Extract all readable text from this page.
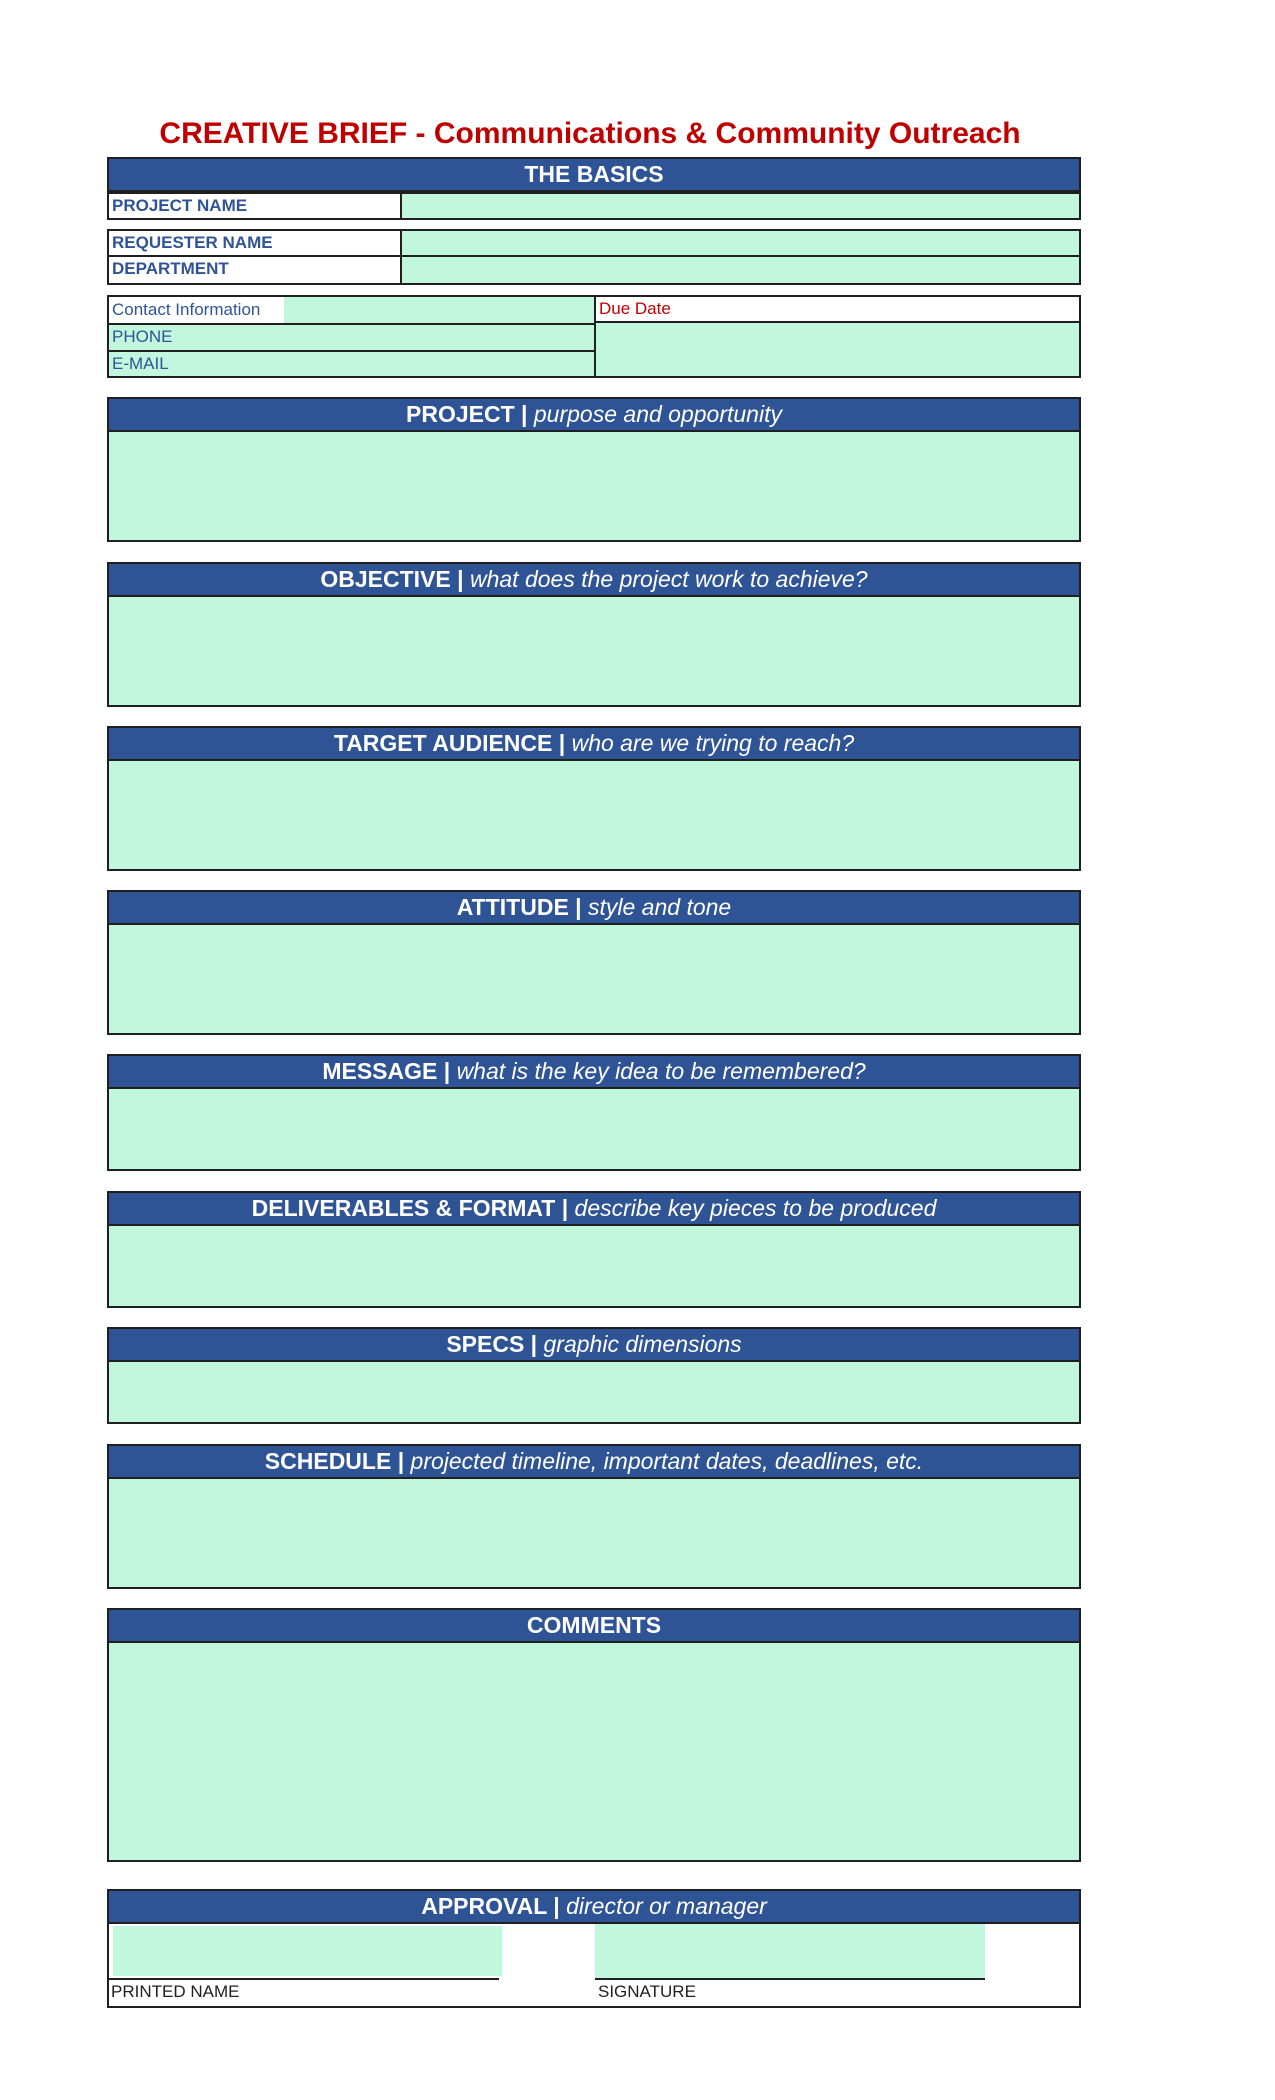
CREATIVE BRIEF - Communications & Community Outreach
THE BASICS
PROJECT NAME
REQUESTER NAME
DEPARTMENT
Contact Information
PHONE
E-MAIL
Due Date
PROJECT | purpose and opportunity
OBJECTIVE | what does the project work to achieve?
TARGET AUDIENCE | who are we trying to reach?
ATTITUDE | style and tone
MESSAGE | what is the key idea to be remembered?
DELIVERABLES & FORMAT | describe key pieces to be produced
SPECS | graphic dimensions
SCHEDULE | projected timeline, important dates, deadlines, etc.
COMMENTS
APPROVAL | director or manager
PRINTED NAME	SIGNATURE
